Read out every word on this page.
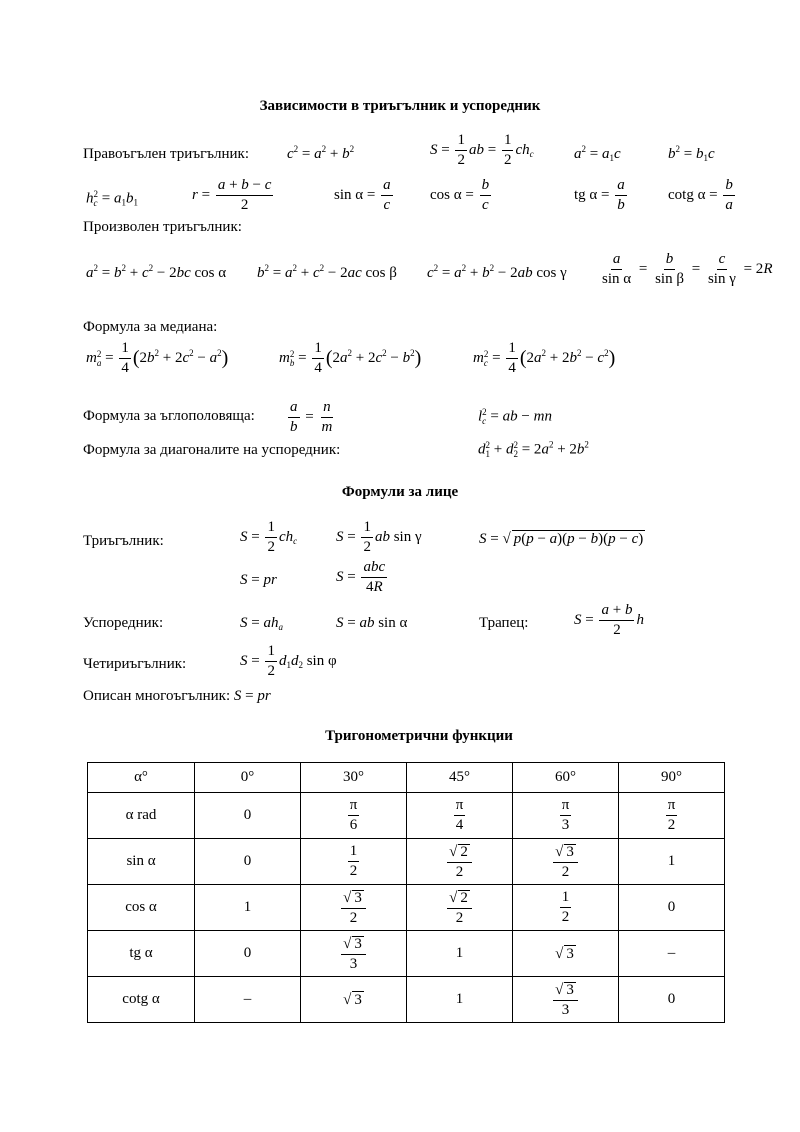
Зависимости в триъгълник и успоредник
Правоъгълен триъгълник:	$c^2 = a^2 + b^2$	$S = \frac{1}{2}$ ab = $\frac{1}{2} ch_c$	$a^2 = a_1c$	$b^2 = b_1c$
h 2
$c = a_1b_1$	$r = \frac{a + b - c}{2}$	$\sin \alpha = \frac{a}{c}$ $\cos \alpha = \frac{b}{c}$	tg $\alpha = \frac{a}{b}$	cotg $\alpha = \frac{b}{a}$
Произволен триъгълник:
$a^2 = b^2 + c^2 - 2bc$ cos α $b^2 = a^2 + c^2 - 2ac$ cos β $c^2 = a^2 + b^2 - 2ab$ cos γ $\frac{a}{\text{sin α}} = \frac{b}{\text{sin β}} = \frac{c}{\text{sin γ}} = 2R$
Формула за медиана:
m 2
$a = \frac{1}{4} (2b^2 + 2c^2 - a^2)$	m 2
$b = \frac{1}{4} (2a^2 + 2c^2 - b^2)$	m 2
$c = \frac{1}{4} (2a^2 + 2b^2 - c^2)$
Формула за ъглополовяща: $\frac{a}{b} = \frac{n}{m}$	l 2
c = ab − mn
Формула за диагоналите на успоредник:	d 2
1 + d 2
$2 = 2a^2 + 2b^2$
Формули за лице
Триъгълник:	$S = \frac{1}{2} ch_c$	$S = \frac{1}{2}$ ab sin γ	S = √ p(p − a)(p − b)(p − c)
S = pr	S =
abc
4R
Успоредник:	$S = ah_a$	S = ab sin α	Трапец:	$S = \frac{a + b}{2}$ h
Четириъгълник:	$S = \frac{1}{2} d_1d_2$ sin φ
Описан многоъгълник: S = pr
Тригонометрични функции
α°	0°	30°	45°	60°	90°
α rad	0	$\frac{\pi}{6}$	$\frac{\pi}{4}$	$\frac{\pi}{3}$	$\frac{\pi}{2}$

sin α	0	$\frac{1}{2}$	$\frac{√ 2}{2}$	$\frac{√ 3}{2}$	1
cos α	1	$\frac{√ 3}{2}$	$\frac{√ 2}{2}$	$\frac{1}{2}$	0
tg α	0	$\frac{√ 3}{3}$	1	√ 3	–
cotg α	–	√ 3	1	$\frac{√ 3}{3}$	0
